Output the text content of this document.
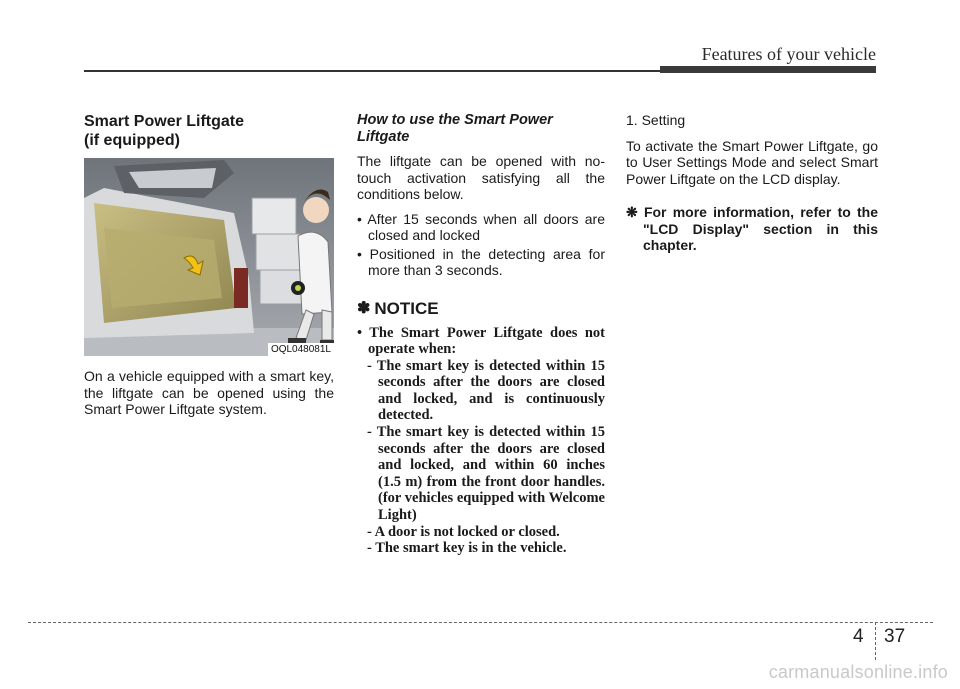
Features of your vehicle
Smart Power Liftgate
(if equipped)
OQL048081L

On a vehicle equipped with a smart key, the liftgate can be opened using the Smart Power Liftgate system.

How to use the Smart Power Liftgate

The liftgate can be opened with no-touch activation satisfying all the conditions below.

• After 15 seconds when all doors are closed and locked
• Positioned in the detecting area for more than 3 seconds.
✽ NOTICE
• The Smart Power Liftgate does not operate when:
- The smart key is detected within 15 seconds after the doors are closed and locked, and is continuously detected.
- The smart key is detected within 15 seconds after the doors are closed and locked, and within 60 inches (1.5 m) from the front door handles. (for vehicles equipped with Welcome Light)
- A door is not locked or closed.
- The smart key is in the vehicle.

1. Setting

To activate the Smart Power Liftgate, go to User Settings Mode and select Smart Power Liftgate on the LCD display.

❋ For more information, refer to the "LCD Display" section in this chapter.
4 37
carmanualsonline.info
